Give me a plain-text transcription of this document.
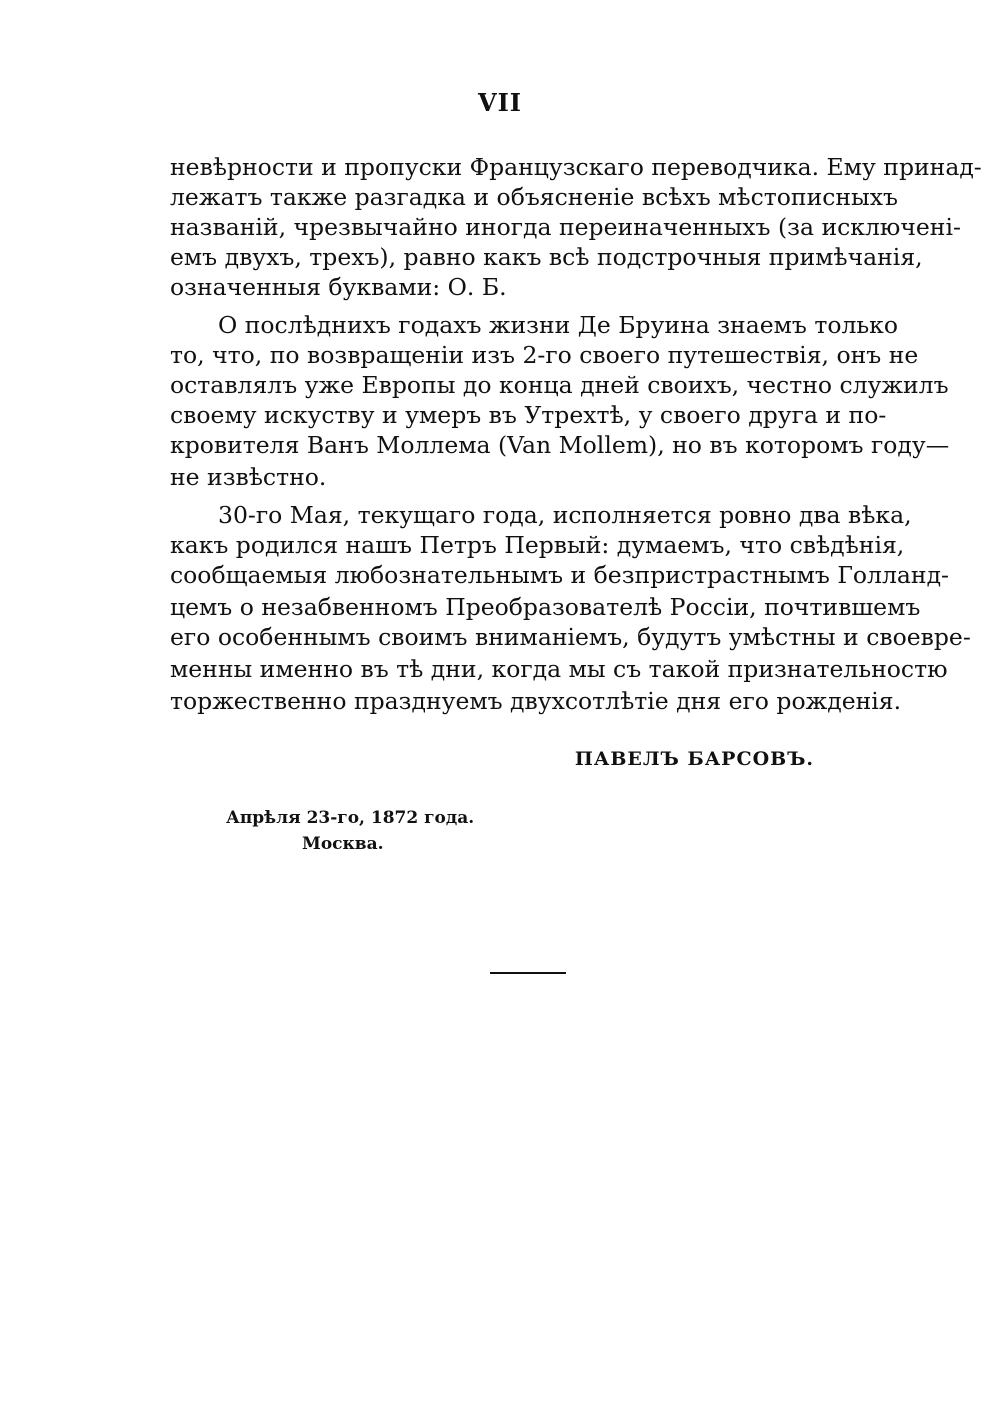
VII

невѣрности и пропуски Французскаго переводчика. Ему принад-

лежатъ также разгадка и объясненіе всѣхъ мѣстописныхъ

названій, чрезвычайно иногда переиначенныхъ (за исключені-

емъ двухъ, трехъ), равно какъ всѣ подстрочныя примѣчанія,

означенныя буквами: О. Б.

О послѣднихъ годахъ жизни Де Бруина знаемъ только

то, что, по возвращеніи изъ 2-го своего путешествія, онъ не

оставлялъ уже Европы до конца дней своихъ, честно служилъ

своему искуству и умеръ въ Утрехтѣ, у своего друга и по-

кровителя Ванъ Моллема (Van Mollem), но въ которомъ году—

не извѣстно.

30-го Мая, текущаго года, исполняется ровно два вѣка,

какъ родился нашъ Петръ Первый: думаемъ, что свѣдѣнія,

сообщаемыя любознательнымъ и безпристрастнымъ Голланд-

цемъ о незабвенномъ Преобразователѣ Россіи, почтившемъ

его особеннымъ своимъ вниманіемъ, будутъ умѣстны и своевре-

менны именно въ тѣ дни, когда мы съ такой признательностю

торжественно празднуемъ двухсотлѣтіе дня его рожденія.

ПАВЕЛЪ БАРСОВЪ.
Апрѣля 23-го, 1872 года.
Москва.
